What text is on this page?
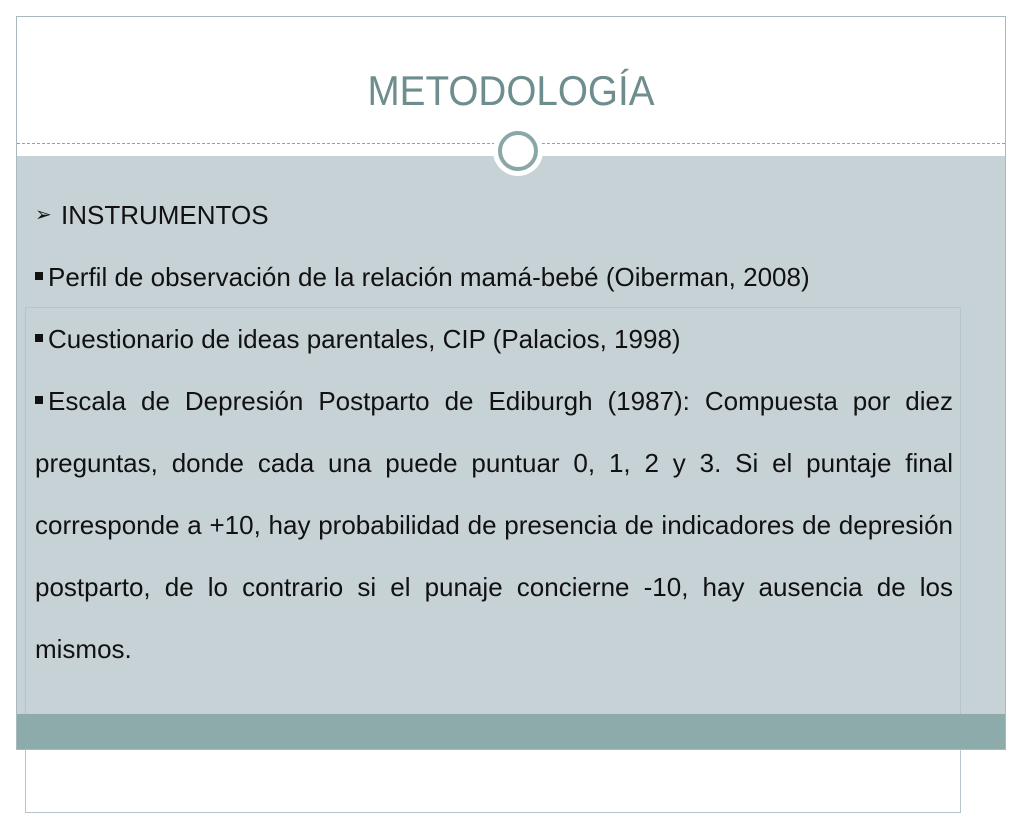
METODOLOGÍA

➢ INSTRUMENTOS

Perfil de observación de la relación mamá-bebé (Oiberman, 2008)

Cuestionario de ideas parentales, CIP (Palacios, 1998)

Escala de Depresión Postparto de Ediburgh (1987): Compuesta por diez preguntas, donde cada una puede puntuar 0, 1, 2 y 3. Si el puntaje final corresponde a +10, hay probabilidad de presencia de indicadores de depresión postparto, de lo contrario si el punaje concierne -10, hay ausencia de los mismos.
